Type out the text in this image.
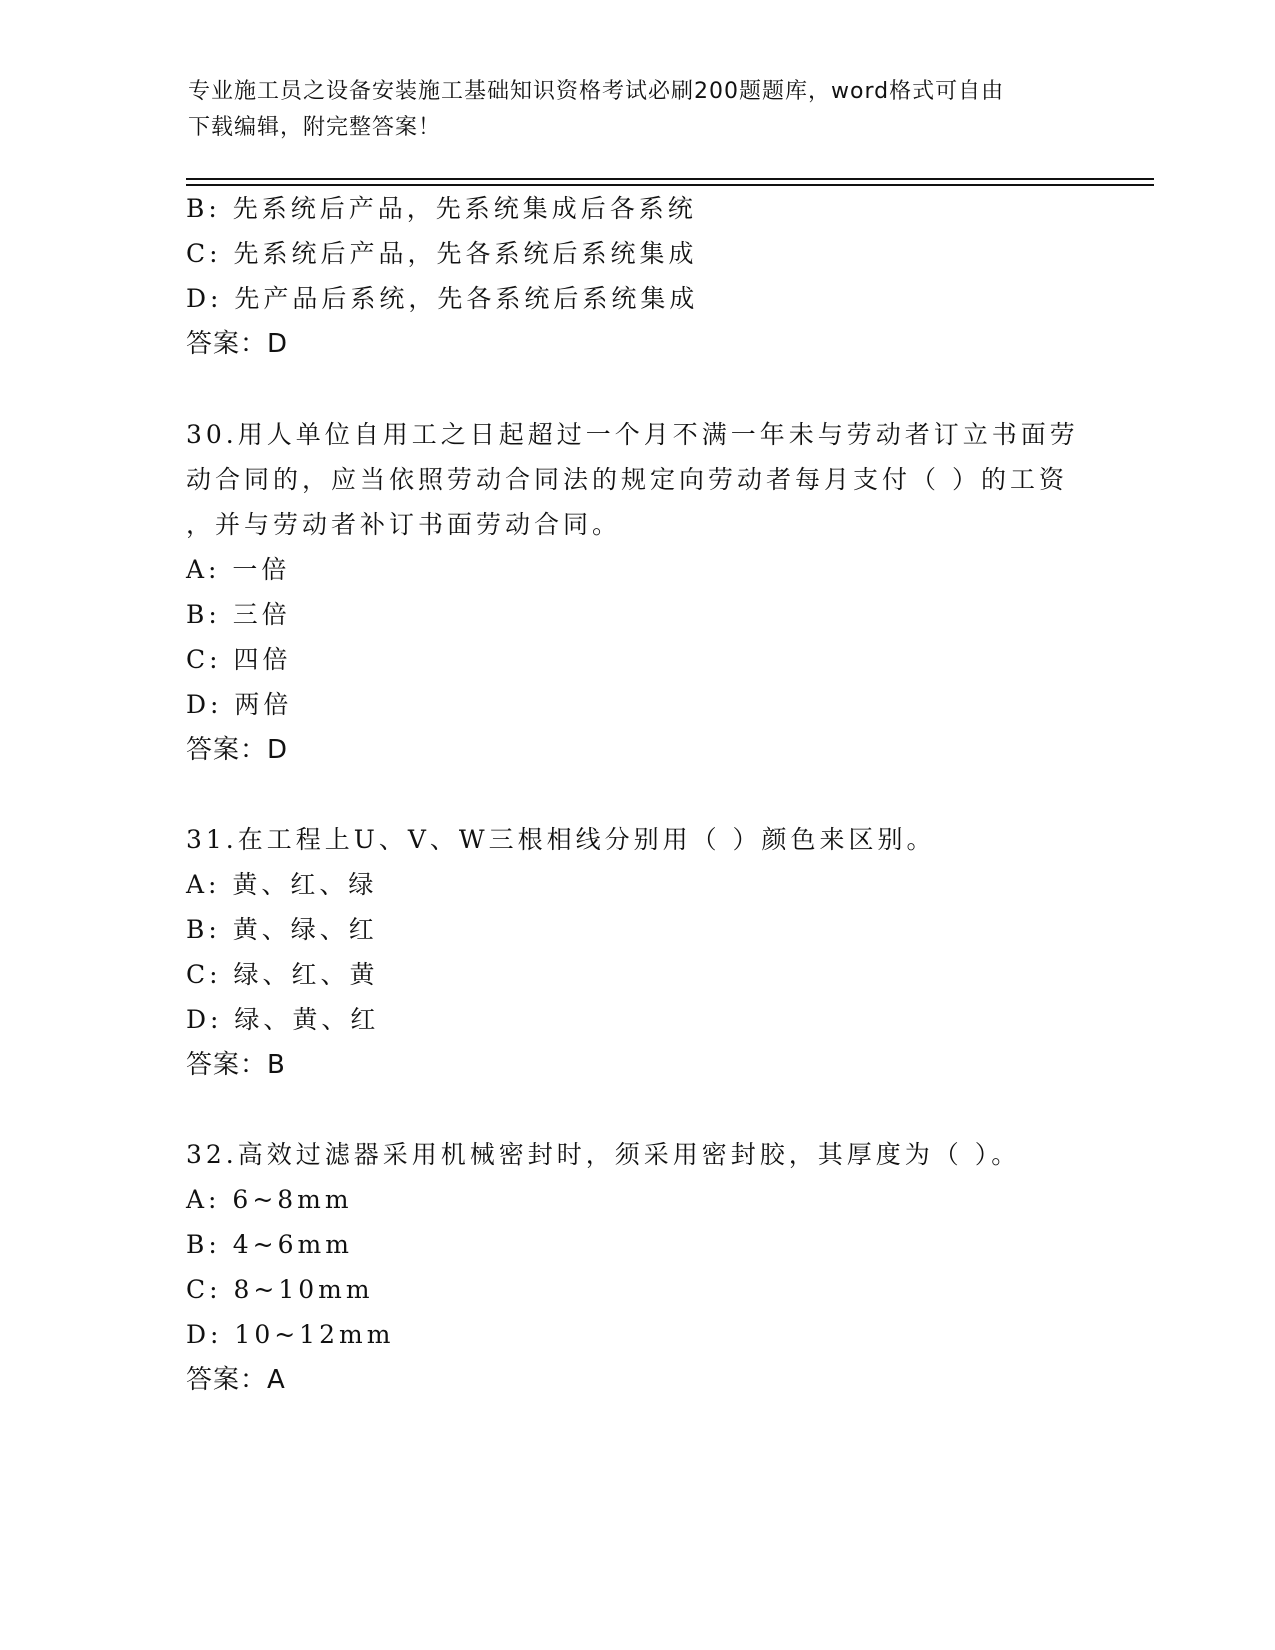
专业施工员之设备安装施工基础知识资格考试必刷200题题库，word格式可自由
下载编辑，附完整答案！
B: 先系统后产品，先系统集成后各系统
C: 先系统后产品，先各系统后系统集成
D: 先产品后系统，先各系统后系统集成
答案：D
30.用人单位自用工之日起超过一个月不满一年未与劳动者订立书面劳
动合同的，应当依照劳动合同法的规定向劳动者每月支付（ ）的工资
，并与劳动者补订书面劳动合同。
A: 一倍
B: 三倍
C: 四倍
D: 两倍
答案：D
31.在工程上U、V、W三根相线分别用（ ）颜色来区别。
A: 黄、红、绿
B: 黄、绿、红
C: 绿、红、黄
D: 绿、黄、红
答案：B
32.高效过滤器采用机械密封时，须采用密封胶，其厚度为（ ）。
A: 6~8mm
B: 4~6mm
C: 8~10mm
D: 10~12mm
答案：A
